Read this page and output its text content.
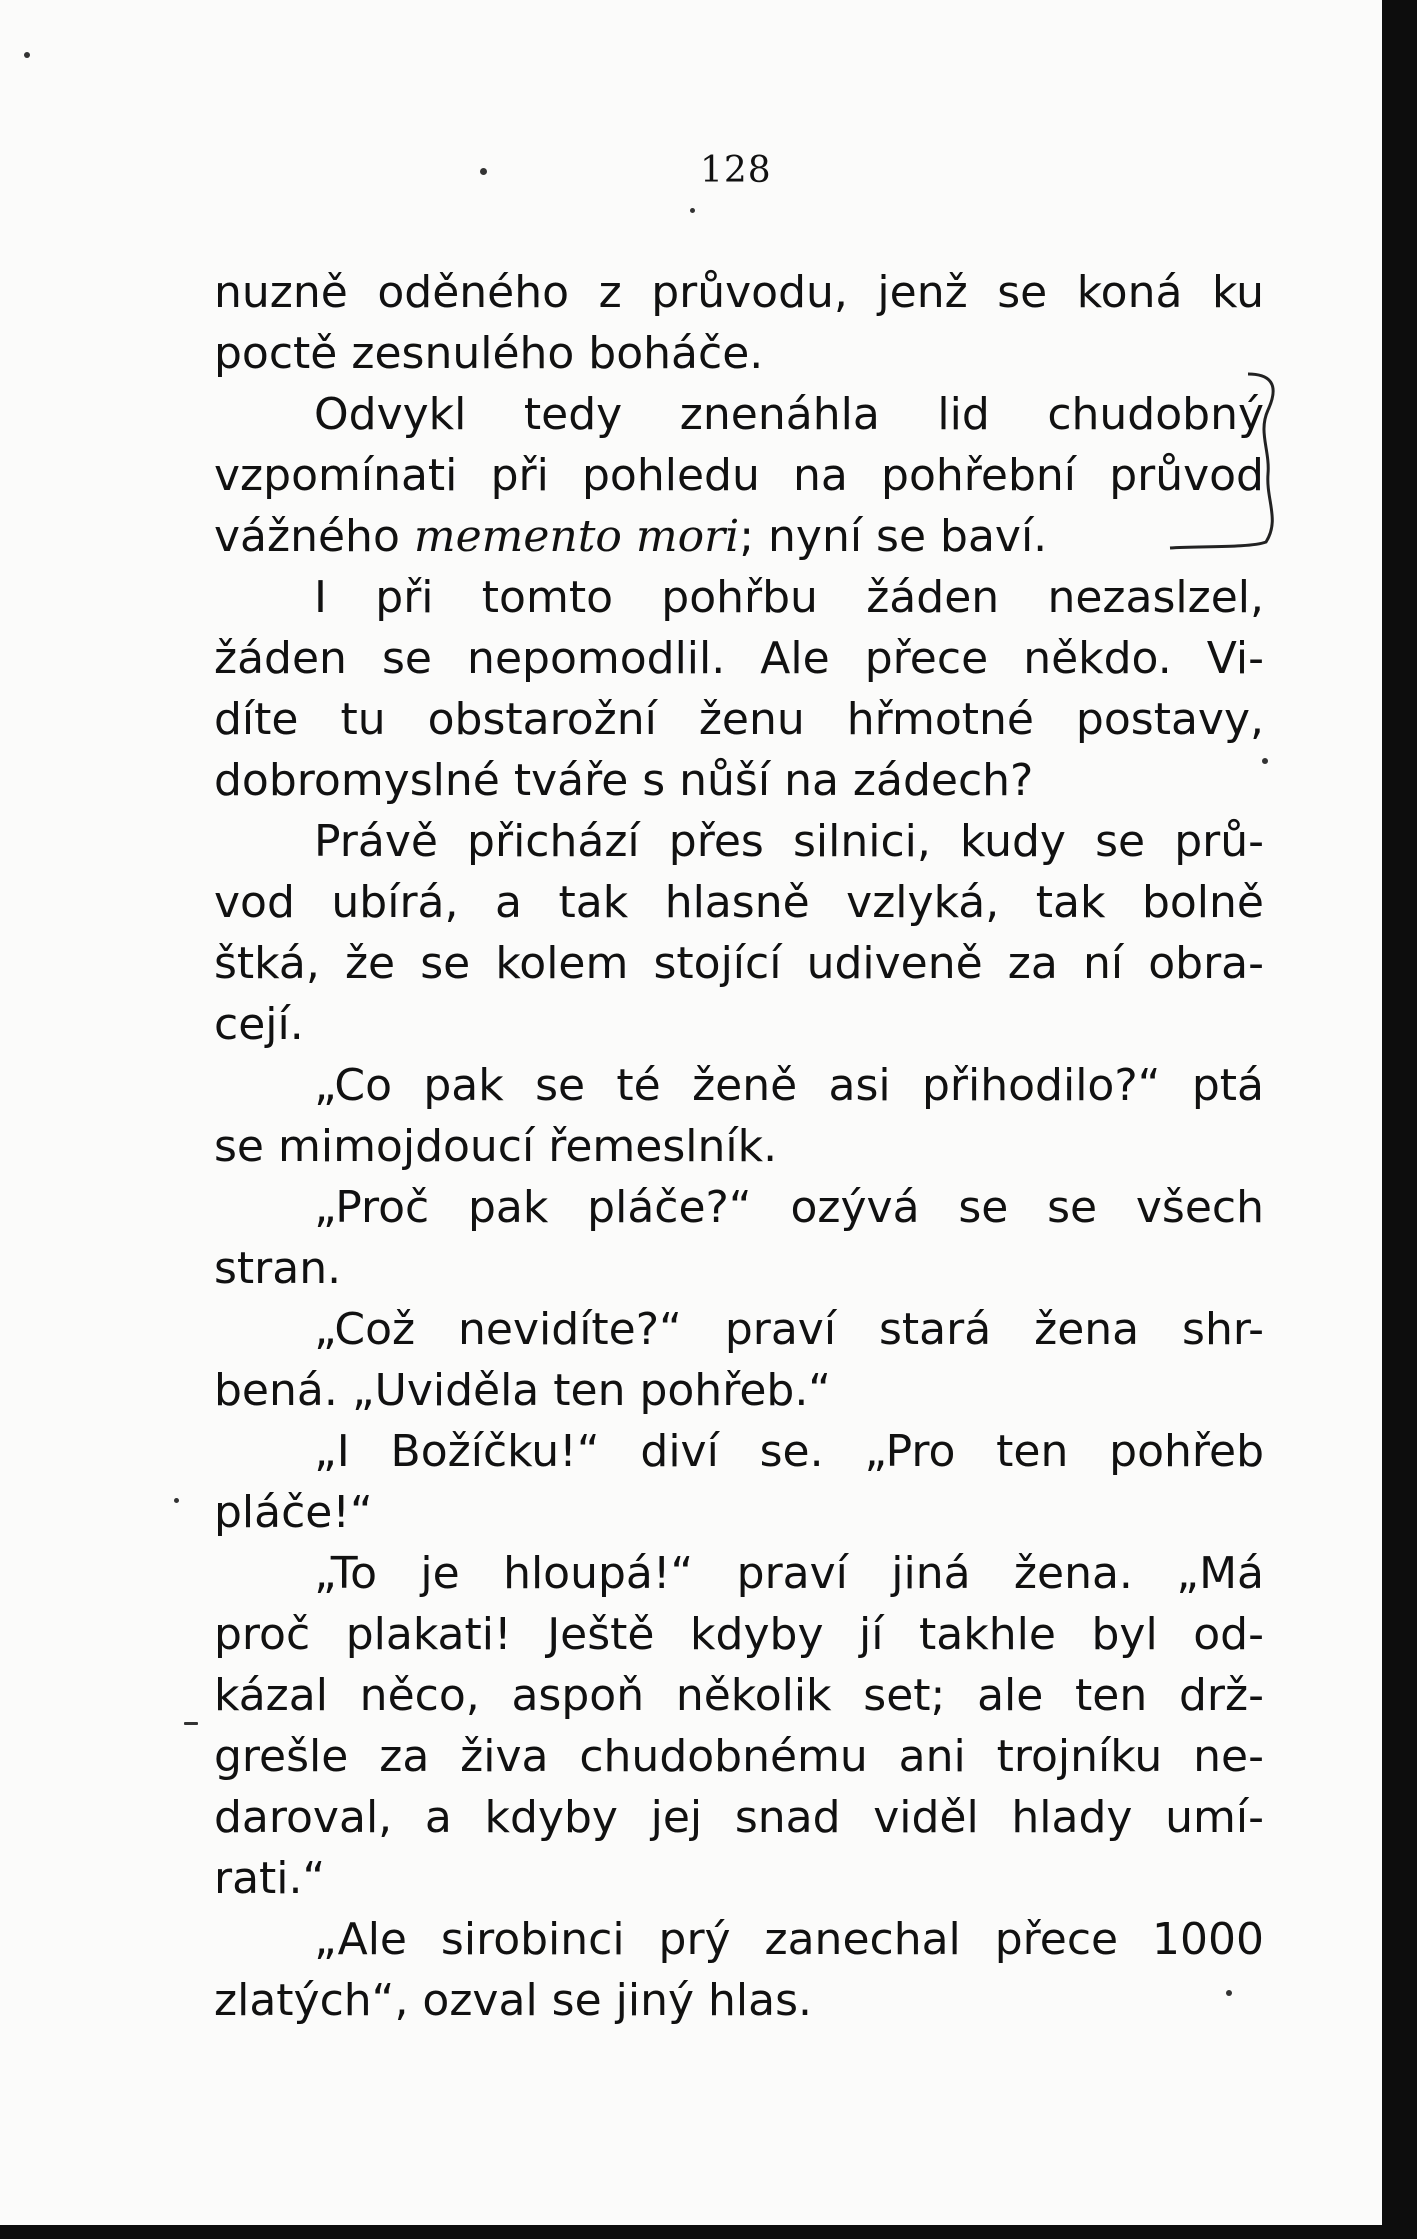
128
nuzně oděného z průvodu, jenž se koná ku
poctě zesnulého boháče.
Odvykl tedy znenáhla lid chudobný
vzpomínati při pohledu na pohřební průvod
vážného memento mori; nyní se baví.
I při tomto pohřbu žáden nezaslzel,
žáden se nepomodlil. Ale přece někdo. Vi-
díte tu obstarožní ženu hřmotné postavy,
dobromyslné tváře s nůší na zádech?
Právě přichází přes silnici, kudy se prů-
vod ubírá, a tak hlasně vzlyká, tak bolně
štká, že se kolem stojící udiveně za ní obra-
cejí.
„Co pak se té ženě asi přihodilo?“ ptá
se mimojdoucí řemeslník.
„Proč pak pláče?“ ozývá se se všech
stran.
„Což nevidíte?“ praví stará žena shr-
bená. „Uviděla ten pohřeb.“
„I Božíčku!“ diví se. „Pro ten pohřeb
pláče!“
„To je hloupá!“ praví jiná žena. „Má
proč plakati! Ještě kdyby jí takhle byl od-
kázal něco, aspoň několik set; ale ten drž-
grešle za živa chudobnému ani trojníku ne-
daroval, a kdyby jej snad viděl hlady umí-
rati.“
„Ale sirobinci prý zanechal přece 1000
zlatých“, ozval se jiný hlas.
